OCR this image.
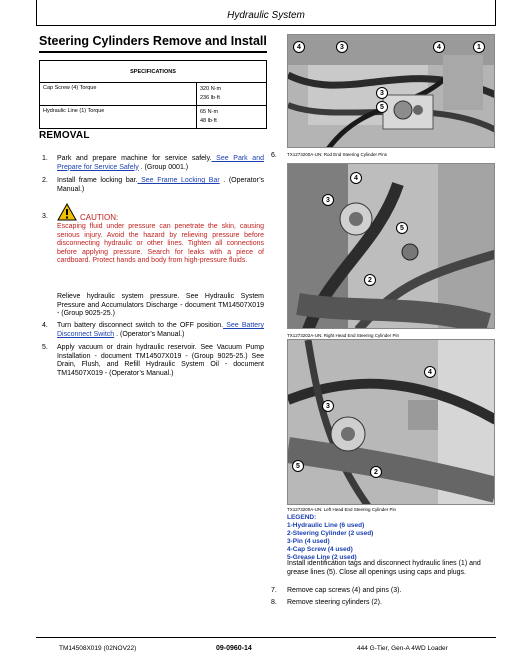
Hydraulic System
Steering Cylinders Remove and Install
SPECIFICATIONS	
Cap Screw (4) Torque	320 N·m
236 lb·ft

Hydraulic Line (1) Torque	65 N·m
48 lb·ft
REMOVAL
1. Park and prepare machine for service safely. See Park and Prepare for Service Safely . (Group 0001.)
2. Install frame locking bar. See Frame Locking Bar . (Operator’s Manual.)
3.	CAUTION:
Escaping fluid under pressure can penetrate the skin, causing serious injury. Avoid the hazard by relieving pressure before disconnecting hydraulic or other lines. Tighten all connections before applying pressure. Search for leaks with a piece of cardboard. Protect hands and body from high-pressure fluids.
Relieve hydraulic system pressure. See Hydraulic System Pressure and Accumulators Discharge - document TM14507X019 - (Group 9025-25.)
4. Turn battery disconnect switch to the OFF position. See Battery Disconnect Switch . (Operator’s Manual.)
5. Apply vacuum or drain hydraulic reservoir. See Vacuum Pump Installation - document TM14507X019 - (Group 9025-25.) See Drain, Flush, and Refill Hydraulic System Oil - document TM14507X019 - (Operator’s Manual.)
4	3	4	1
3
5
TX1273200A-UN: Rod End Steering Cylinder Pins
6.
4
3
5
2
TX1273202A-UN: Right Head End Steering Cylinder Pin
4
3
5
2
TX1273200A-UN: Left Head End Steering Cylinder Pin
LEGEND:
1-Hydraulic Line (6 used)
2-Steering Cylinder (2 used)
3-Pin (4 used)
4-Cap Screw (4 used)
5-Grease Line (2 used)
Install identification tags and disconnect hydraulic lines (1) and grease lines (5). Close all openings using caps and plugs.
7. Remove cap screws (4) and pins (3).
8. Remove steering cylinders (2).
TM14508X019 (02NOV22)	09-0960-14	444 G-Tier, Gen-A 4WD Loader
